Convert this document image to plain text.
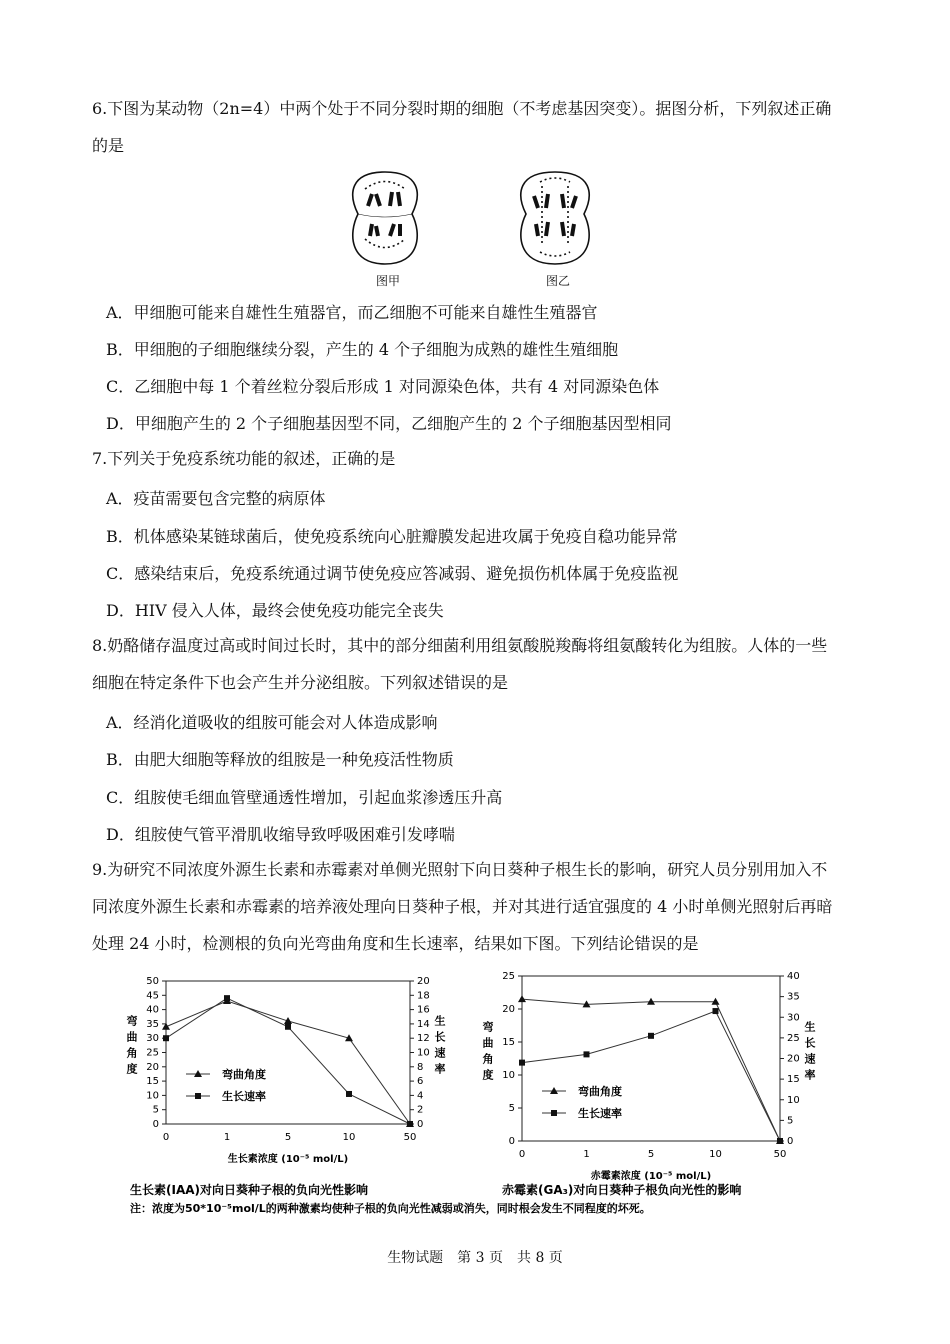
6.下图为某动物（2n=4）中两个处于不同分裂时期的细胞（不考虑基因突变）。据图分析，下列叙述正确
的是
图甲	图乙
A．甲细胞可能来自雄性生殖器官，而乙细胞不可能来自雄性生殖器官
B．甲细胞的子细胞继续分裂，产生的 4 个子细胞为成熟的雄性生殖细胞
C．乙细胞中每 1 个着丝粒分裂后形成 1 对同源染色体，共有 4 对同源染色体
D．甲细胞产生的 2 个子细胞基因型不同，乙细胞产生的 2 个子细胞基因型相同
7.下列关于免疫系统功能的叙述，正确的是
A．疫苗需要包含完整的病原体
B．机体感染某链球菌后，使免疫系统向心脏瓣膜发起进攻属于免疫自稳功能异常
C．感染结束后，免疫系统通过调节使免疫应答减弱、避免损伤机体属于免疫监视
D．HIV 侵入人体，最终会使免疫功能完全丧失
8.奶酪储存温度过高或时间过长时，其中的部分细菌利用组氨酸脱羧酶将组氨酸转化为组胺。人体的一些
细胞在特定条件下也会产生并分泌组胺。下列叙述错误的是
A．经消化道吸收的组胺可能会对人体造成影响
B．由肥大细胞等释放的组胺是一种免疫活性物质
C．组胺使毛细血管壁通透性增加，引起血浆渗透压升高
D．组胺使气管平滑肌收缩导致呼吸困难引发哮喘
9.为研究不同浓度外源生长素和赤霉素对单侧光照射下向日葵种子根生长的影响，研究人员分别用加入不
同浓度外源生长素和赤霉素的培养液处理向日葵种子根，并对其进行适宜强度的 4 小时单侧光照射后再暗
处理 24 小时，检测根的负向光弯曲角度和生长速率，结果如下图。下列结论错误的是
0
5
10
15
20
25
30
35
40
45
50
0
2
4
6
8
10
12
14
16
18
20
0	1	5	10	50
弯
曲
角
度
生
长
速
率
生长素浓度 (10⁻⁵ mol/L)
弯曲角度
生长速率
生长素(IAA)对向日葵种子根的负向光性影响
0
5
10
15
20
25
0
5
10
15
20
25
30
35
40
0	1	5	10	50
弯
曲
角
度
生
长
速
率
赤霉素浓度 (10⁻⁵ mol/L)
弯曲角度
生长速率
赤霉素(GA₃)对向日葵种子根负向光性的影响
注：浓度为50*10⁻⁵mol/L的两种激素均使种子根的负向光性减弱或消失，同时根会发生不同程度的坏死。
生物试题　第 3 页　共 8 页
